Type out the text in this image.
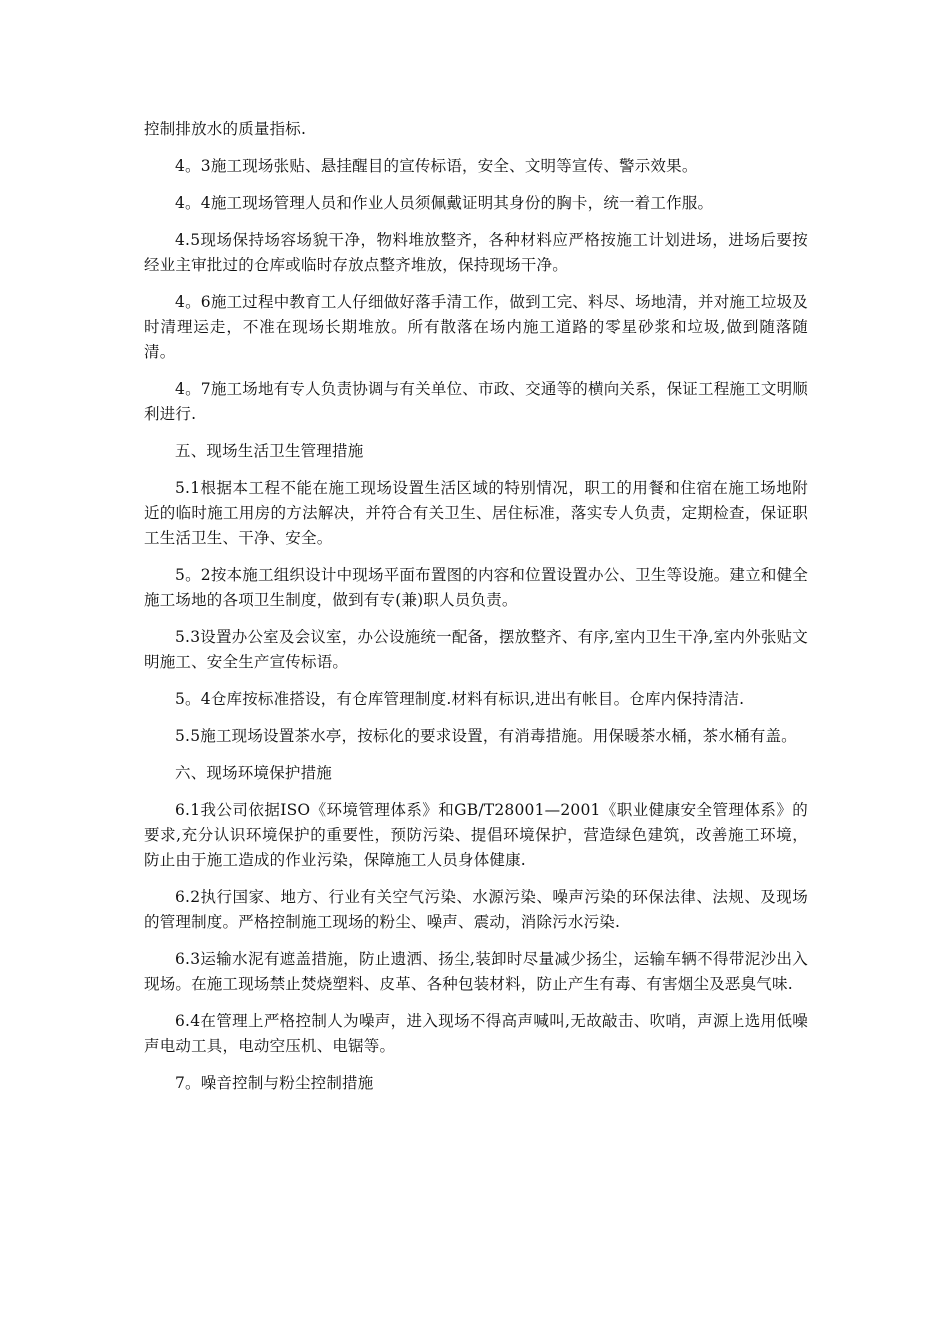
控制排放水的质量指标.

4。3施工现场张贴、悬挂醒目的宣传标语，安全、文明等宣传、警示效果。

4。4施工现场管理人员和作业人员须佩戴证明其身份的胸卡，统一着工作服。

4.5现场保持场容场貌干净，物料堆放整齐，各种材料应严格按施工计划进场，进场后要按经业主审批过的仓库或临时存放点整齐堆放，保持现场干净。

4。6施工过程中教育工人仔细做好落手清工作，做到工完、料尽、场地清，并对施工垃圾及时清理运走，不准在现场长期堆放。所有散落在场内施工道路的零星砂浆和垃圾,做到随落随清。

4。7施工场地有专人负责协调与有关单位、市政、交通等的横向关系，保证工程施工文明顺利进行.

五、现场生活卫生管理措施

5.1根据本工程不能在施工现场设置生活区域的特别情况，职工的用餐和住宿在施工场地附近的临时施工用房的方法解决，并符合有关卫生、居住标准，落实专人负责，定期检查，保证职工生活卫生、干净、安全。

5。2按本施工组织设计中现场平面布置图的内容和位置设置办公、卫生等设施。建立和健全施工场地的各项卫生制度，做到有专(兼)职人员负责。

5.3设置办公室及会议室，办公设施统一配备，摆放整齐、有序,室内卫生干净,室内外张贴文明施工、安全生产宣传标语。

5。4仓库按标准搭设，有仓库管理制度.材料有标识,进出有帐目。仓库内保持清洁.

5.5施工现场设置茶水亭，按标化的要求设置，有消毒措施。用保暖茶水桶，茶水桶有盖。

六、现场环境保护措施

6.1我公司依据ISO《环境管理体系》和GB/T28001—2001《职业健康安全管理体系》的要求,充分认识环境保护的重要性，预防污染、提倡环境保护，营造绿色建筑，改善施工环境，防止由于施工造成的作业污染，保障施工人员身体健康.

6.2执行国家、地方、行业有关空气污染、水源污染、噪声污染的环保法律、法规、及现场的管理制度。严格控制施工现场的粉尘、噪声、震动，消除污水污染.

6.3运输水泥有遮盖措施，防止遗洒、扬尘,装卸时尽量减少扬尘，运输车辆不得带泥沙出入现场。在施工现场禁止焚烧塑料、皮革、各种包装材料，防止产生有毒、有害烟尘及恶臭气味.

6.4在管理上严格控制人为噪声，进入现场不得高声喊叫,无故敲击、吹哨，声源上选用低噪声电动工具，电动空压机、电锯等。

7。噪音控制与粉尘控制措施
